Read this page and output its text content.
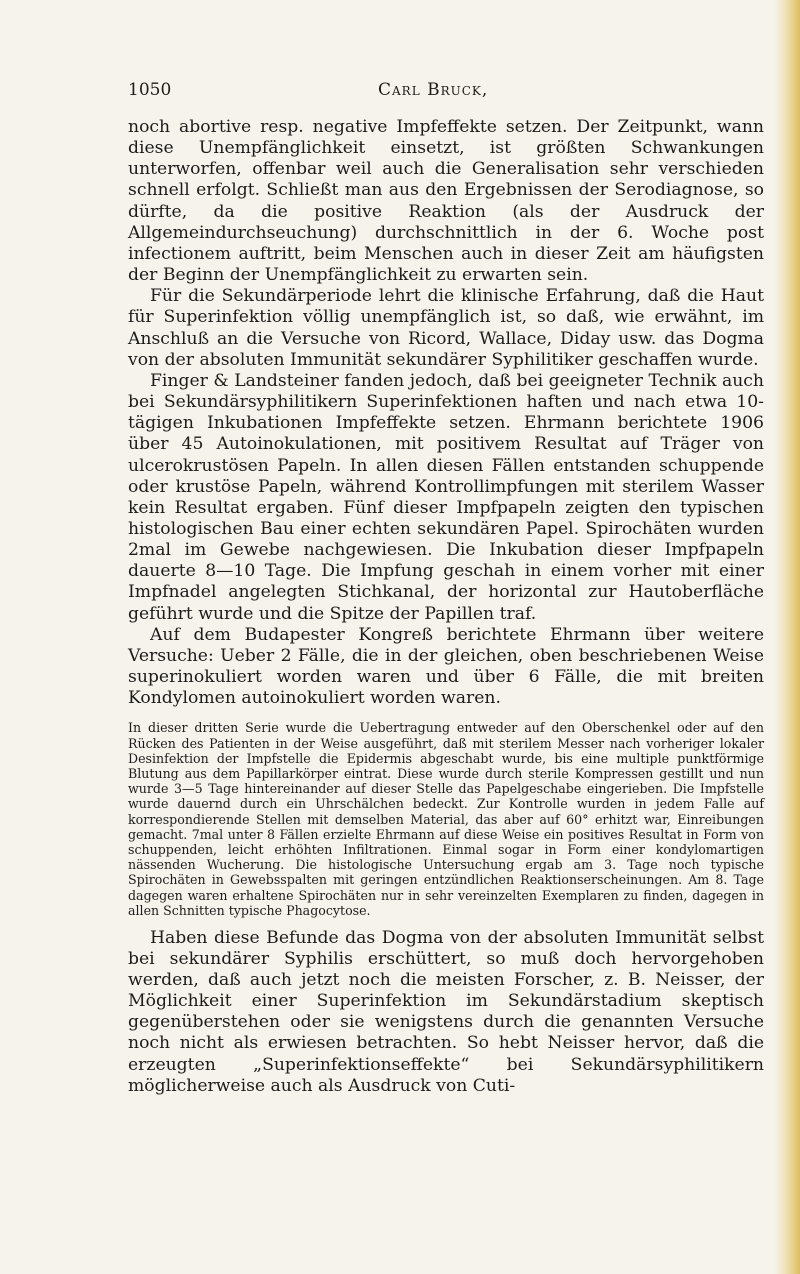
1050	Carl Bruck,

noch abortive resp. negative Impfeffekte setzen. Der Zeitpunkt, wann diese Unempfänglichkeit einsetzt, ist größten Schwankungen unterworfen, offenbar weil auch die Generalisation sehr verschieden schnell erfolgt. Schließt man aus den Ergebnissen der Serodiagnose, so dürfte, da die positive Reaktion (als der Ausdruck der Allgemeindurchseuchung) durchschnittlich in der 6. Woche post infectionem auftritt, beim Menschen auch in dieser Zeit am häufigsten der Beginn der Unempfänglichkeit zu erwarten sein.

Für die Sekundärperiode lehrt die klinische Erfahrung, daß die Haut für Superinfektion völlig unempfänglich ist, so daß, wie erwähnt, im Anschluß an die Versuche von Ricord, Wallace, Diday usw. das Dogma von der absoluten Immunität sekundärer Syphilitiker geschaffen wurde.

Finger & Landsteiner fanden jedoch, daß bei geeigneter Technik auch bei Sekundärsyphilitikern Superinfektionen haften und nach etwa 10-tägigen Inkubationen Impfeffekte setzen. Ehrmann berichtete 1906 über 45 Autoinokulationen, mit positivem Resultat auf Träger von ulcerokrustösen Papeln. In allen diesen Fällen entstanden schuppende oder krustöse Papeln, während Kontrollimpfungen mit sterilem Wasser kein Resultat ergaben. Fünf dieser Impfpapeln zeigten den typischen histologischen Bau einer echten sekundären Papel. Spirochäten wurden 2mal im Gewebe nachgewiesen. Die Inkubation dieser Impfpapeln dauerte 8—10 Tage. Die Impfung geschah in einem vorher mit einer Impfnadel angelegten Stichkanal, der horizontal zur Hautoberfläche geführt wurde und die Spitze der Papillen traf.

Auf dem Budapester Kongreß berichtete Ehrmann über weitere Versuche: Ueber 2 Fälle, die in der gleichen, oben beschriebenen Weise superinokuliert worden waren und über 6 Fälle, die mit breiten Kondylomen autoinokuliert worden waren.

In dieser dritten Serie wurde die Uebertragung entweder auf den Oberschenkel oder auf den Rücken des Patienten in der Weise ausgeführt, daß mit sterilem Messer nach vorheriger lokaler Desinfektion der Impfstelle die Epidermis abgeschabt wurde, bis eine multiple punktförmige Blutung aus dem Papillarkörper eintrat. Diese wurde durch sterile Kompressen gestillt und nun wurde 3—5 Tage hintereinander auf dieser Stelle das Papelgeschabe eingerieben. Die Impfstelle wurde dauernd durch ein Uhrschälchen bedeckt. Zur Kontrolle wurden in jedem Falle auf korrespondierende Stellen mit demselben Material, das aber auf 60° erhitzt war, Einreibungen gemacht. 7mal unter 8 Fällen erzielte Ehrmann auf diese Weise ein positives Resultat in Form von schuppenden, leicht erhöhten Infiltrationen. Einmal sogar in Form einer kondylomartigen nässenden Wucherung. Die histologische Untersuchung ergab am 3. Tage noch typische Spirochäten in Gewebsspalten mit geringen entzündlichen Reaktionserscheinungen. Am 8. Tage dagegen waren erhaltene Spirochäten nur in sehr vereinzelten Exemplaren zu finden, dagegen in allen Schnitten typische Phagocytose.

Haben diese Befunde das Dogma von der absoluten Immunität selbst bei sekundärer Syphilis erschüttert, so muß doch hervorgehoben werden, daß auch jetzt noch die meisten Forscher, z. B. Neisser, der Möglichkeit einer Superinfektion im Sekundärstadium skeptisch gegenüberstehen oder sie wenigstens durch die genannten Versuche noch nicht als erwiesen betrachten. So hebt Neisser hervor, daß die erzeugten „Superinfektionseffekte“ bei Sekundärsyphilitikern möglicherweise auch als Ausdruck von Cuti-
